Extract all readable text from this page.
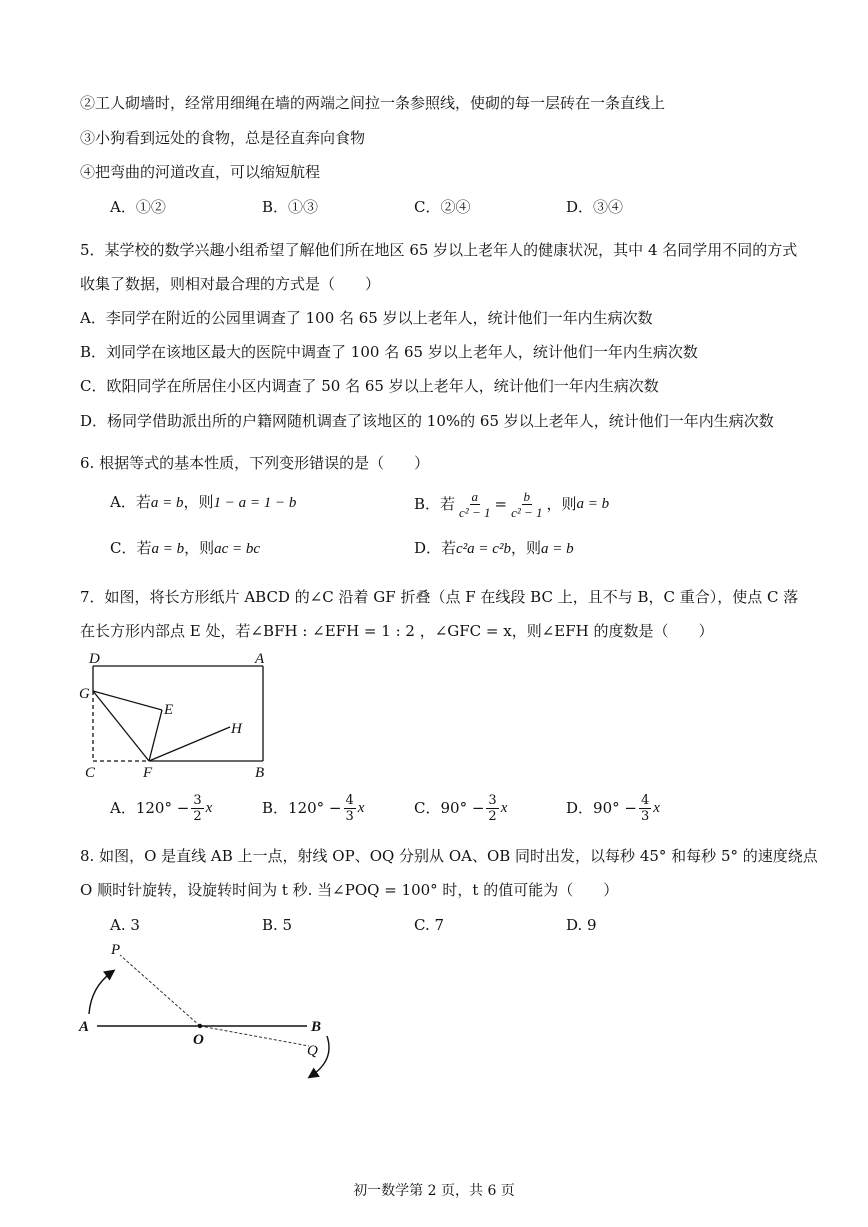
②工人砌墙时，经常用细绳在墙的两端之间拉一条参照线，使砌的每一层砖在一条直线上
③小狗看到远处的食物，总是径直奔向食物
④把弯曲的河道改直，可以缩短航程
A．①②	B．①③	C．②④	D．③④
5．某学校的数学兴趣小组希望了解他们所在地区 65 岁以上老年人的健康状况，其中 4 名同学用不同的方式
收集了数据，则相对最合理的方式是（　　）
A．李同学在附近的公园里调查了 100 名 65 岁以上老年人，统计他们一年内生病次数
B．刘同学在该地区最大的医院中调查了 100 名 65 岁以上老年人，统计他们一年内生病次数
C．欧阳同学在所居住小区内调查了 50 名 65 岁以上老年人，统计他们一年内生病次数
D．杨同学借助派出所的户籍网随机调查了该地区的 10%的 65 岁以上老年人，统计他们一年内生病次数
6. 根据等式的基本性质，下列变形错误的是（　　）
A．若a = b，则1 − a = 1 − b	B．若 $\frac{a}{\text{c² − 1}} = \frac{b}{\text{c² − 1}}$ ，则 a = b
C．若a = b，则ac = bc	D．若c²a = c²b，则a = b
7．如图，将长方形纸片 ABCD 的∠C 沿着 GF 折叠（点 F 在线段 BC 上，且不与 B，C 重合），使点 C 落
在长方形内部点 E 处，若∠BFH : ∠EFH = 1 : 2 ，∠GFC = x，则∠EFH 的度数是（　　）
D	A
G
E
H
C	F	B
A．$120^\circ - \frac{3}{2}$ x	B．$120^\circ - \frac{4}{3}$ x	C．$90^\circ - \frac{3}{2}$ x	D．$90^\circ - \frac{4}{3}$ x
8. 如图，O 是直线 AB 上一点，射线 OP、OQ 分别从 OA、OB 同时出发，以每秒 45° 和每秒 5° 的速度绕点
O 顺时针旋转，设旋转时间为 t 秒. 当∠POQ = 100° 时，t 的值可能为（　　）
A. 3	B. 5	C. 7	D. 9
P
A
O
B
Q
初一数学第 2 页，共 6 页
